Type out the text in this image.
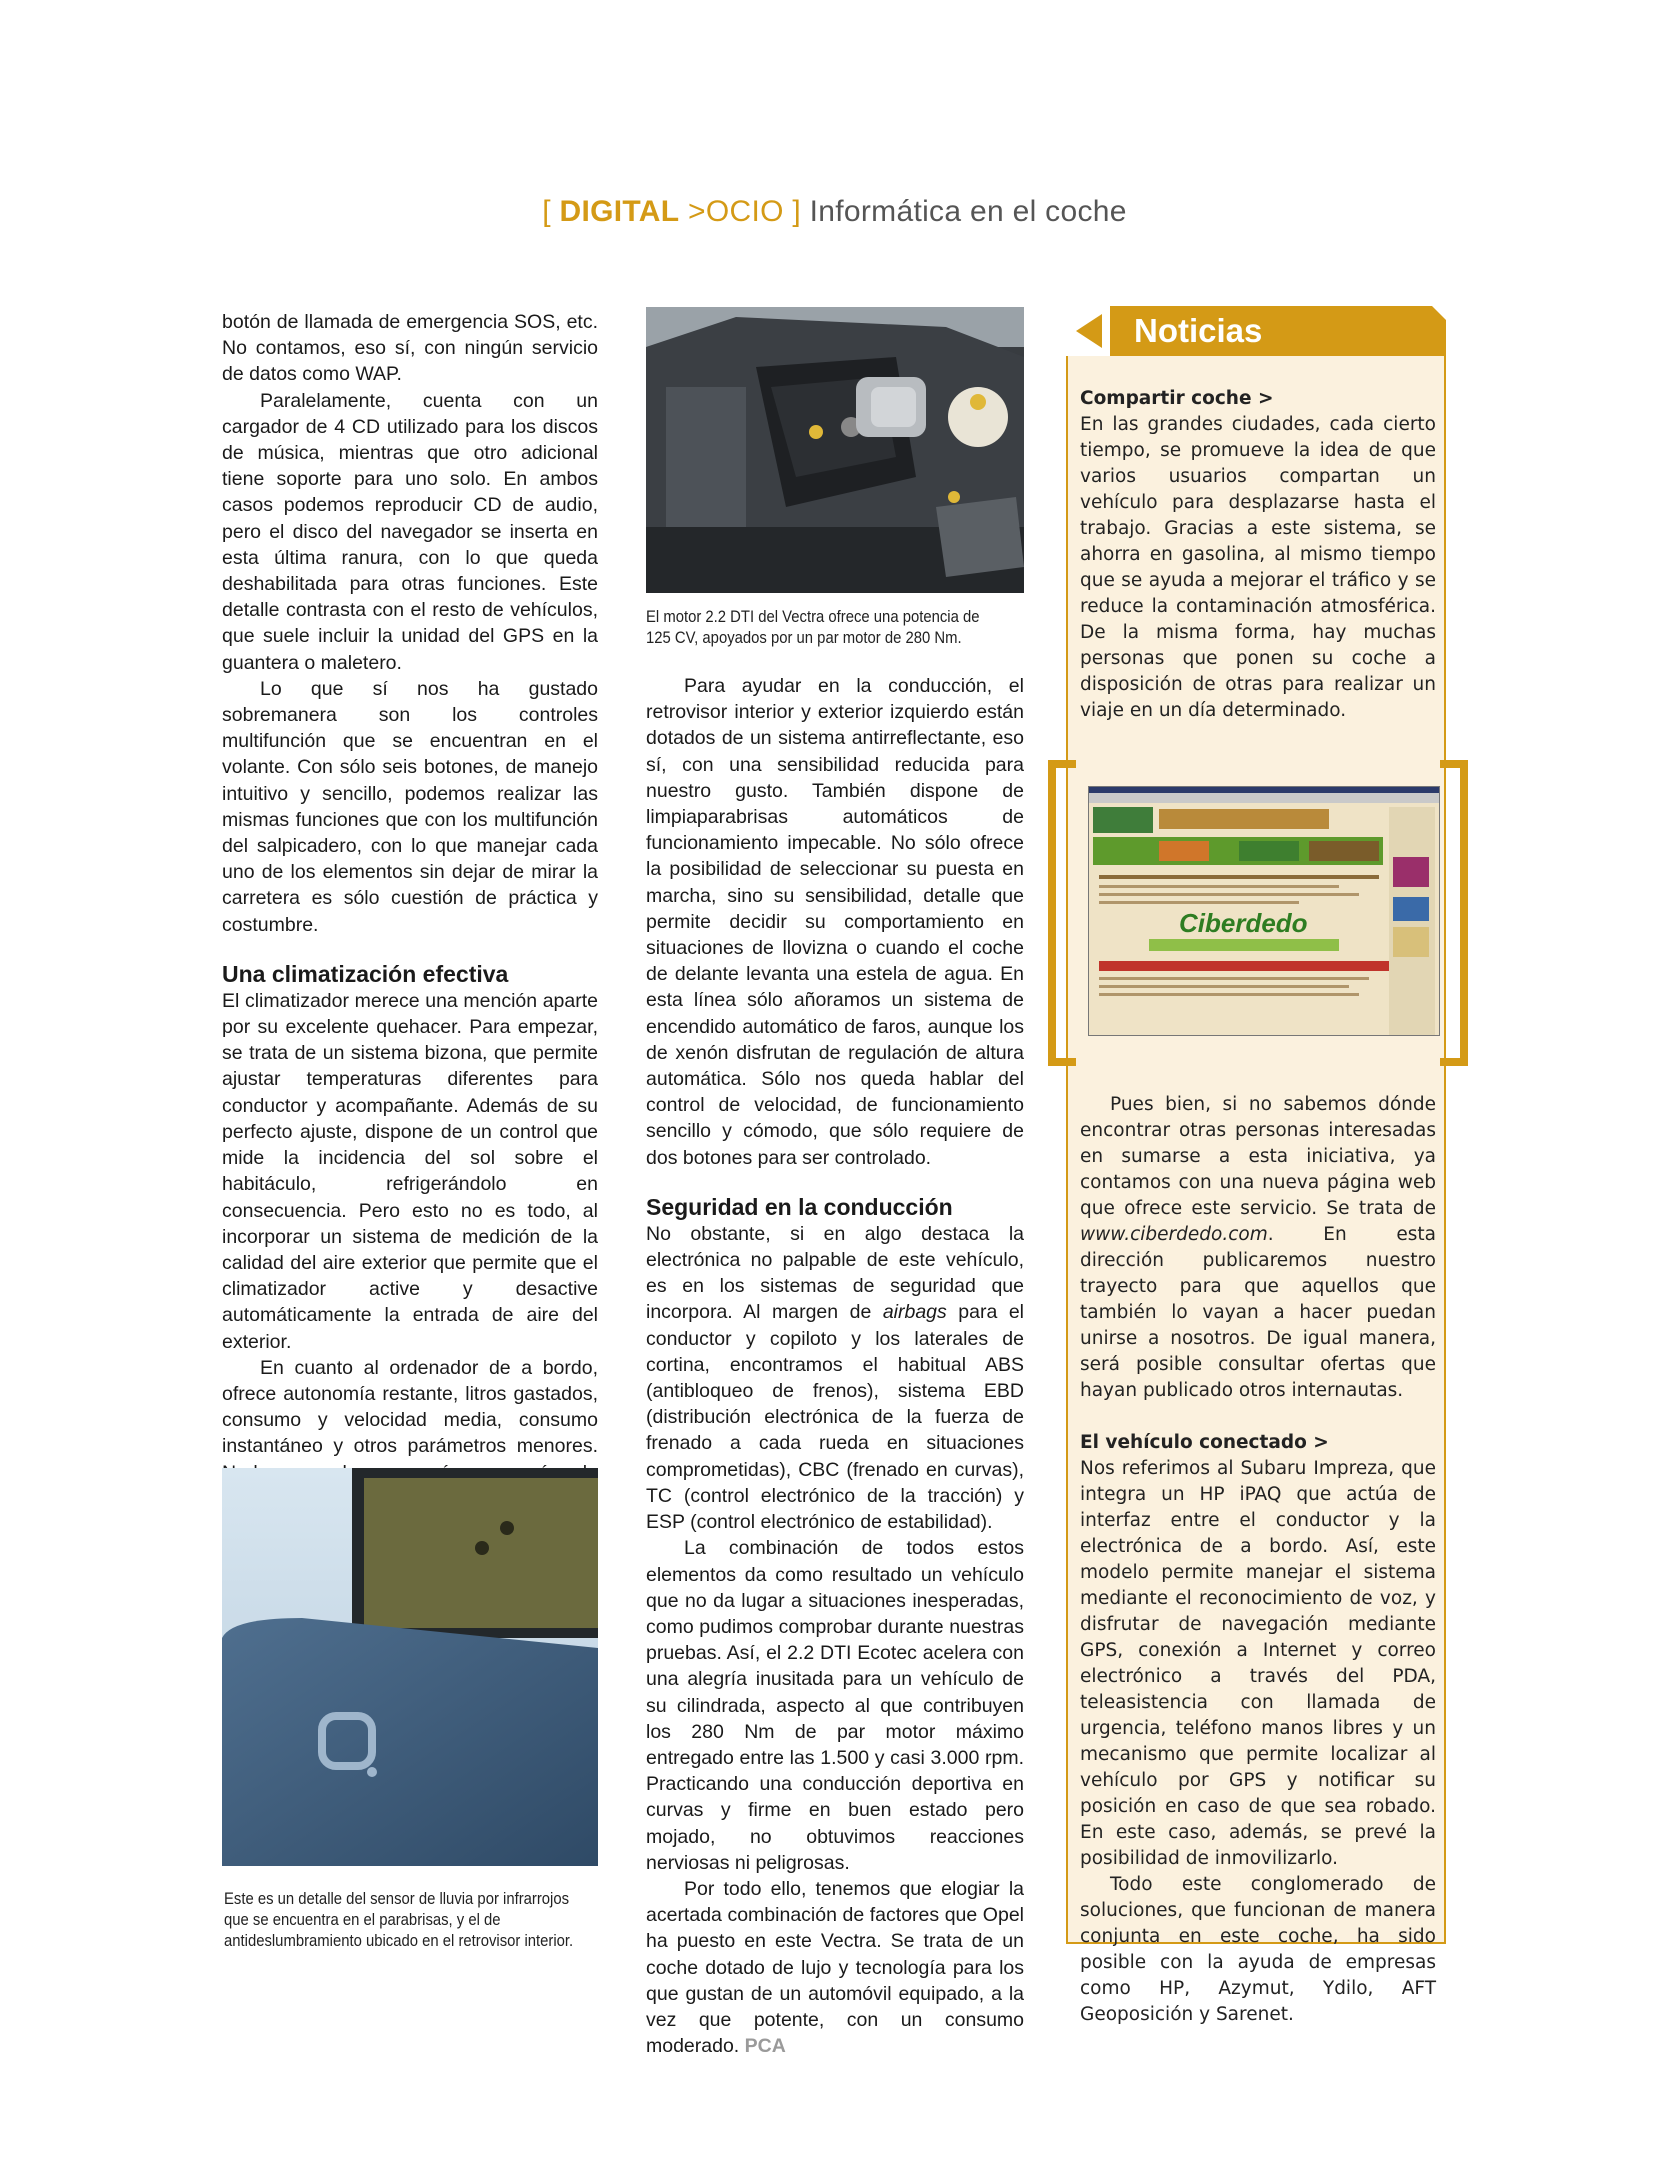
[ DIGITAL >OCIO ] Informática en el coche

botón de llamada de emergencia SOS, etc. No contamos, eso sí, con ningún servicio de datos como WAP.

Paralelamente, cuenta con un cargador de 4 CD utilizado para los discos de música, mientras que otro adicional tiene soporte para uno solo. En ambos casos podemos reproducir CD de audio, pero el disco del navegador se inserta en esta última ranura, con lo que queda deshabilitada para otras funciones. Este detalle contrasta con el resto de vehículos, que suele incluir la unidad del GPS en la guantera o maletero.

Lo que sí nos ha gustado sobremanera son los controles multifunción que se encuentran en el volante. Con sólo seis botones, de manejo intuitivo y sencillo, podemos realizar las mismas funciones que con los multifunción del salpicadero, con lo que manejar cada uno de los elementos sin dejar de mirar la carretera es sólo cuestión de práctica y costumbre.

Una climatización efectiva

El climatizador merece una mención aparte por su excelente quehacer. Para empezar, se trata de un sistema bizona, que permite ajustar temperaturas diferentes para conductor y acompañante. Además de su perfecto ajuste, dispone de un control que mide la incidencia del sol sobre el habitáculo, refrigerándolo en consecuencia. Pero esto no es todo, al incorporar un sistema de medición de la calidad del aire exterior que permite que el climatizador active y desactive automáticamente la entrada de aire del exterior.

En cuanto al ordenador de a bordo, ofrece autonomía restante, litros gastados, consumo y velocidad media, consumo instantáneo y otros parámetros menores.

El motor 2.2 DTI del Vectra ofrece una potencia de 125 CV, apoyados por un par motor de 280 Nm.

Para ayudar en la conducción, el retrovisor interior y exterior izquierdo están dotados de un sistema antirreflectante, eso sí, con una sensibilidad reducida para nuestro gusto. También dispone de limpiaparabrisas automáticos de funcionamiento impecable. No sólo ofrece la posibilidad de seleccionar su puesta en marcha, sino su sensibilidad, detalle que permite decidir su comportamiento en situaciones de llovizna o cuando el coche de delante levanta una estela de agua. En esta línea sólo añoramos un sistema de encendido automático de faros, aunque los de xenón disfrutan de regulación de altura automática. Sólo nos queda hablar del control de velocidad, de funcionamiento sencillo y cómodo, que sólo requiere de dos botones para ser controlado.

Seguridad en la conducción

No obstante, si en algo destaca la electrónica no palpable de este vehículo, es en los sistemas de seguridad que incorpora. Al margen de airbags para el conductor y copiloto y los laterales de cortina, encontramos el habitual ABS (antibloqueo de frenos), sistema EBD (distribución electrónica de la fuerza de frenado a cada rueda en situaciones comprometidas), CBC (frenado en curvas), TC (control electrónico de la tracción) y ESP (control electrónico de estabilidad).

La combinación de todos estos elementos da como resultado un vehículo que no da lugar a situaciones inesperadas, como pudimos comprobar durante nuestras pruebas. Así, el 2.2 DTI Ecotec acelera con una alegría inusitada para un vehículo de su cilindrada, aspecto al que contribuyen los 280 Nm de par motor máximo entregado entre las 1.500 y casi 3.000 rpm. Practicando una conducción deportiva en curvas y firme en buen estado pero mojado, no obtuvimos reacciones nerviosas ni peligrosas.

Por todo ello, tenemos que elogiar la acertada combinación de factores que Opel ha puesto en este Vectra. Se trata de un coche dotado de lujo y tecnología para los que gustan de un automóvil equipado, a la vez que potente, con un consumo moderado. PCA

Este es un detalle del sensor de lluvia por infrarrojos que se encuentra en el parabrisas, y el de antideslumbramiento ubicado en el retrovisor interior.
Noticias

Compartir coche >

En las grandes ciudades, cada cierto tiempo, se promueve la idea de que varios usuarios compartan un vehículo para desplazarse hasta el trabajo. Gracias a este sistema, se ahorra en gasolina, al mismo tiempo que se ayuda a mejorar el tráfico y se reduce la contaminación atmosférica. De la misma forma, hay muchas personas que ponen su coche a disposición de otras para realizar un viaje en un día determinado.

Ciberdedo

Pues bien, si no sabemos dónde encontrar otras personas interesadas en sumarse a esta iniciativa, ya contamos con una nueva página web que ofrece este servicio. Se trata de www.ciberdedo.com. En esta dirección publicaremos nuestro trayecto para que aquellos que también lo vayan a hacer puedan unirse a nosotros. De igual manera, será posible consultar ofertas que hayan publicado otros internautas.

El vehículo conectado >

Nos referimos al Subaru Impreza, que integra un HP iPAQ que actúa de interfaz entre el conductor y la electrónica de a bordo. Así, este modelo permite manejar el sistema mediante el reconocimiento de voz, y disfrutar de navegación mediante GPS, conexión a Internet y correo electrónico a través del PDA, teleasistencia con llamada de urgencia, teléfono manos libres y un mecanismo que permite localizar al vehículo por GPS y notificar su posición en caso de que sea robado. En este caso, además, se prevé la posibilidad de inmovilizarlo.

Todo este conglomerado de soluciones, que funcionan de manera conjunta en este coche, ha sido posible con la ayuda de empresas como HP, Azymut, Ydilo, AFT Geoposición y Sarenet.
